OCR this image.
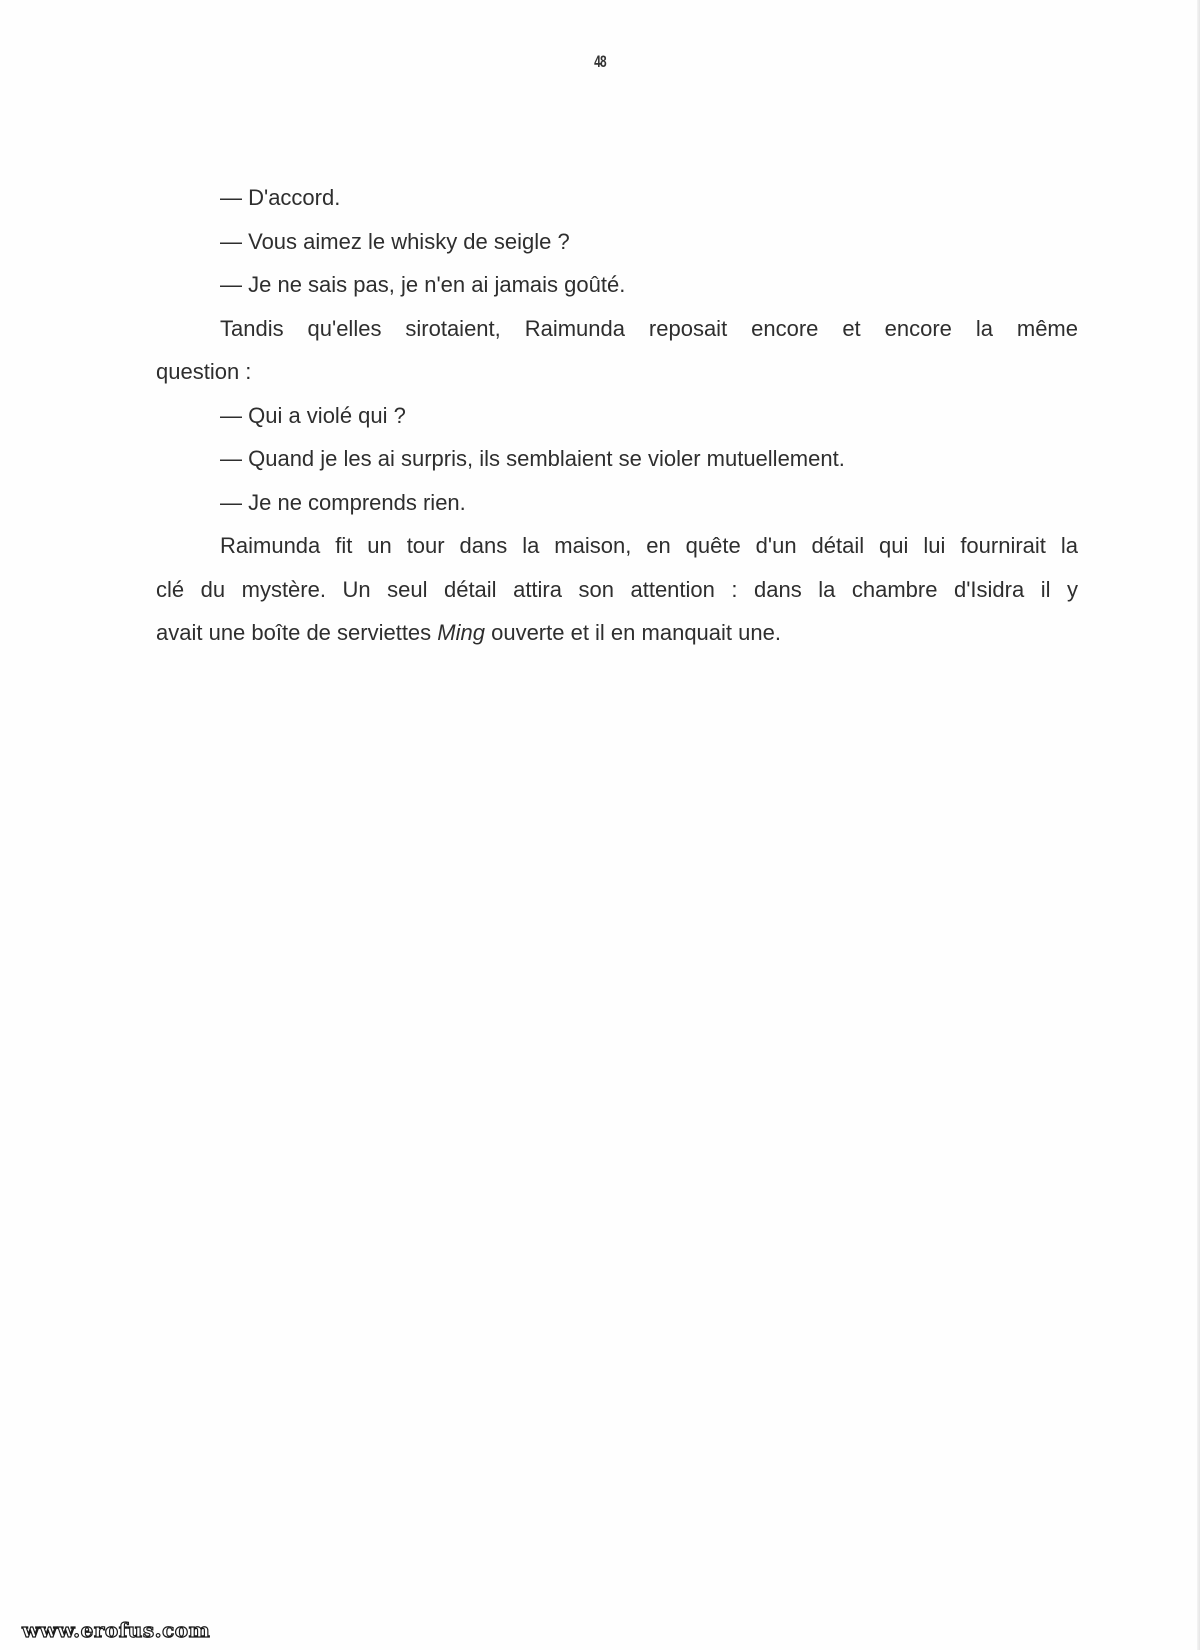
48
— D'accord.
— Vous aimez le whisky de seigle ?
— Je ne sais pas, je n'en ai jamais goûté.
Tandis qu'elles sirotaient, Raimunda reposait encore et encore la même
question :
— Qui a violé qui ?
— Quand je les ai surpris, ils semblaient se violer mutuellement.
— Je ne comprends rien.
Raimunda fit un tour dans la maison, en quête d'un détail qui lui fournirait la
clé du mystère. Un seul détail attira son attention : dans la chambre d'Isidra il y
avait une boîte de serviettes Ming ouverte et il en manquait une.
www.erofus.com
